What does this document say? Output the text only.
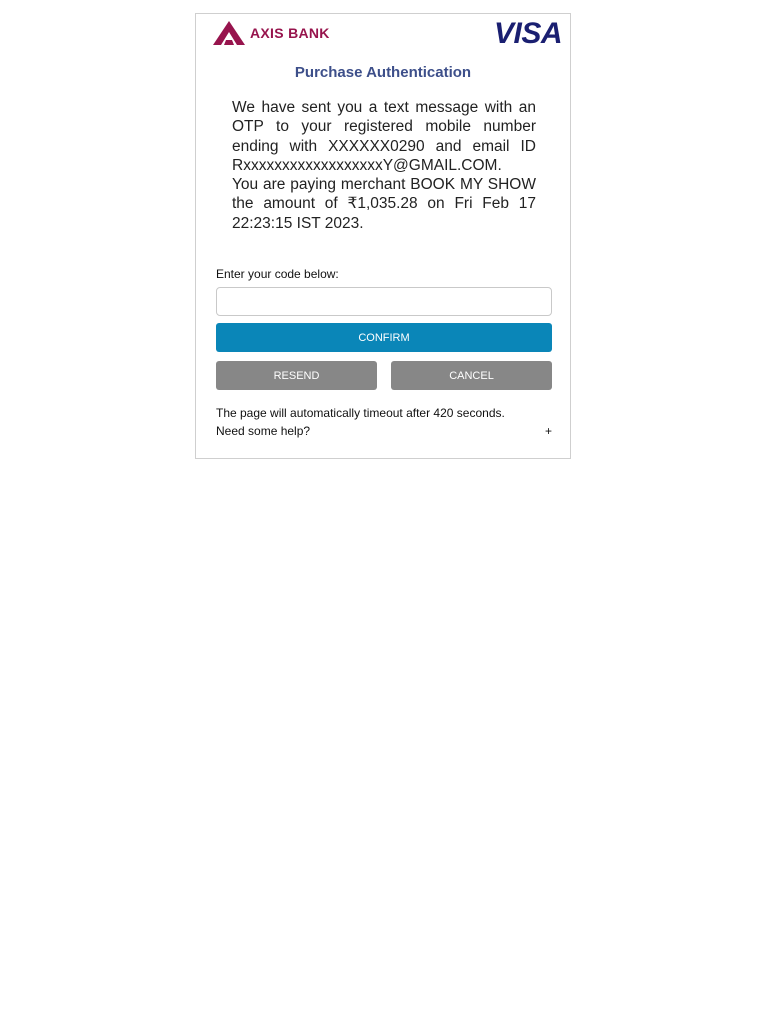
AXIS BANK	VISA
Purchase Authentication

We have sent you a text message with an OTP to your registered mobile number ending with XXXXXX0290 and email ID RxxxxxxxxxxxxxxxxxxY@GMAIL.COM.

You are paying merchant BOOK MY SHOW the amount of ₹1,035.28 on Fri Feb 17 22:23:15 IST 2023.

Enter your code below:
CONFIRM
RESEND	CANCEL
The page will automatically timeout after 420 seconds.
Need some help?	+
